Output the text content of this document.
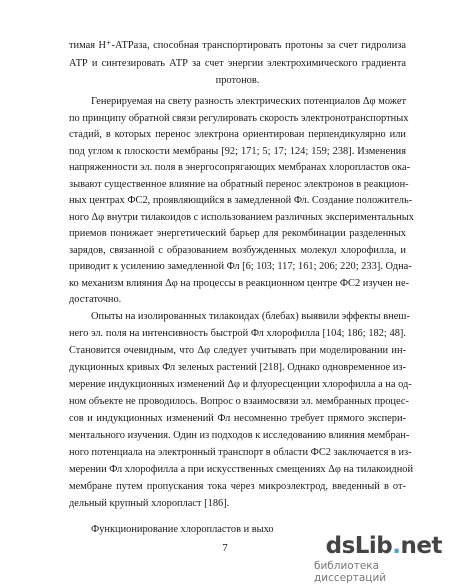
тимая H⁺-АТРаза, способная транспортировать протоны за счет гидролиза
АТР и синтезировать АТР за счет энергии электрохимического градиента
протонов.
Генерируемая на свету разность электрических потенциалов Δφ может
по принципу обратной связи регулировать скорость электронотранспортных
стадий, в которых перенос электрона ориентирован перпендикулярно или
под углом к плоскости мембраны [92; 171; 5; 17; 124; 159; 238]. Изменения
напряженности эл. поля в энергосопрягающих мембранах хлоропластов ока-
зывают существенное влияние на обратный перенос электронов в реакцион-
ных центрах ФС2, проявляющийся в замедленной Фл. Создание положитель-
ного Δφ внутри тилакоидов с использованием различных экспериментальных
приемов понижает энергетический барьер для рекомбинации разделенных
зарядов, связанной с образованием возбужденных молекул хлорофилла, и
приводит к усилению замедленной Фл [6; 103; 117; 161; 206; 220; 233]. Одна-
ко механизм влияния Δφ на процессы в реакционном центре ФС2 изучен не-
достаточно.
Опыты на изолированных тилакоидах (блебах) выявили эффекты внеш-
него эл. поля на интенсивность быстрой Фл хлорофилла [104; 186; 182; 48].
Становится очевидным, что Δφ следует учитывать при моделировании ин-
дукционных кривых Фл зеленых растений [218]. Однако одновременное из-
мерение индукционных изменений Δφ и флуоресценции хлорофилла a на од-
ном объекте не проводилось. Вопрос о взаимосвязи эл. мембранных процес-
сов и индукционных изменений Фл несомненно требует прямого экспери-
ментального изучения. Один из подходов к исследованию влияния мембран-
ного потенциала на электронный транспорт в области ФС2 заключается в из-
мерении Фл хлорофилла a при искусственных смещениях Δφ на тилакоидной
мембране путем пропускания тока через микроэлектрод, введенный в от-
дельный крупный хлоропласт [186].
Функционирование хлоропластов и выхо
7	dsLib.net
библиотека диссертаций
